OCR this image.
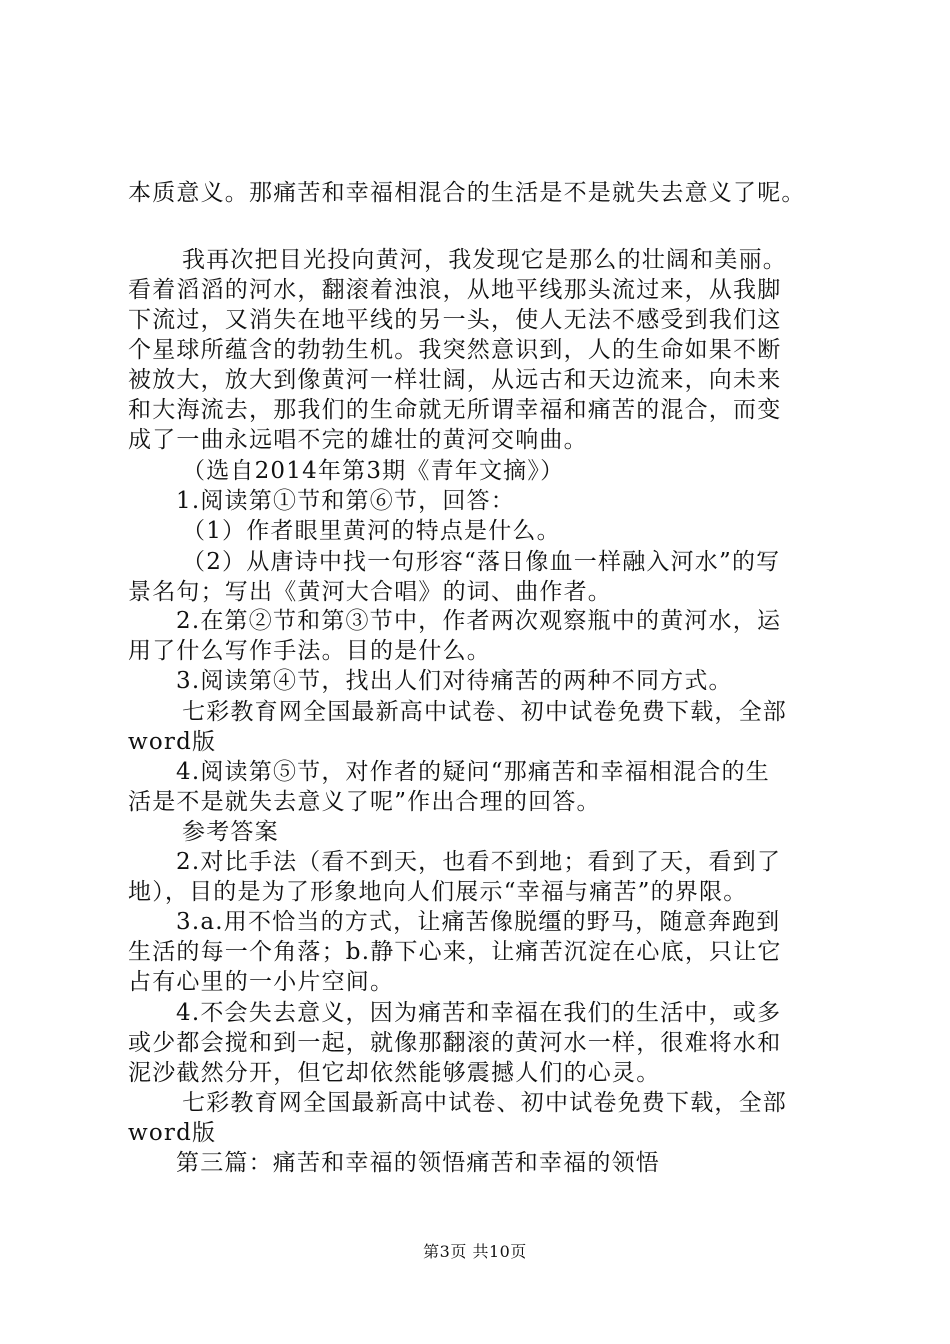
本质意义。那痛苦和幸福相混合的生活是不是就失去意义了呢。
我再次把目光投向黄河，我发现它是那么的壮阔和美丽。
看着滔滔的河水，翻滚着浊浪，从地平线那头流过来，从我脚
下流过，又消失在地平线的另一头，使人无法不感受到我们这
个星球所蕴含的勃勃生机。我突然意识到，人的生命如果不断
被放大，放大到像黄河一样壮阔，从远古和天边流来，向未来
和大海流去，那我们的生命就无所谓幸福和痛苦的混合，而变
成了一曲永远唱不完的雄壮的黄河交响曲。
（选自2014年第3期《青年文摘》）
1.阅读第①节和第⑥节，回答：
（1）作者眼里黄河的特点是什么。
（2）从唐诗中找一句形容“落日像血一样融入河水”的写
景名句；写出《黄河大合唱》的词、曲作者。
2.在第②节和第③节中，作者两次观察瓶中的黄河水，运
用了什么写作手法。目的是什么。
3.阅读第④节，找出人们对待痛苦的两种不同方式。
七彩教育网全国最新高中试卷、初中试卷免费下载，全部
word版
4.阅读第⑤节，对作者的疑问“那痛苦和幸福相混合的生
活是不是就失去意义了呢”作出合理的回答。
参考答案
2.对比手法（看不到天，也看不到地；看到了天，看到了
地），目的是为了形象地向人们展示“幸福与痛苦”的界限。
3.a.用不恰当的方式，让痛苦像脱缰的野马，随意奔跑到
生活的每一个角落；b.静下心来，让痛苦沉淀在心底，只让它
占有心里的一小片空间。
4.不会失去意义，因为痛苦和幸福在我们的生活中，或多
或少都会搅和到一起，就像那翻滚的黄河水一样，很难将水和
泥沙截然分开，但它却依然能够震撼人们的心灵。
七彩教育网全国最新高中试卷、初中试卷免费下载，全部
word版
第三篇：痛苦和幸福的领悟痛苦和幸福的领悟
第3页 共10页
